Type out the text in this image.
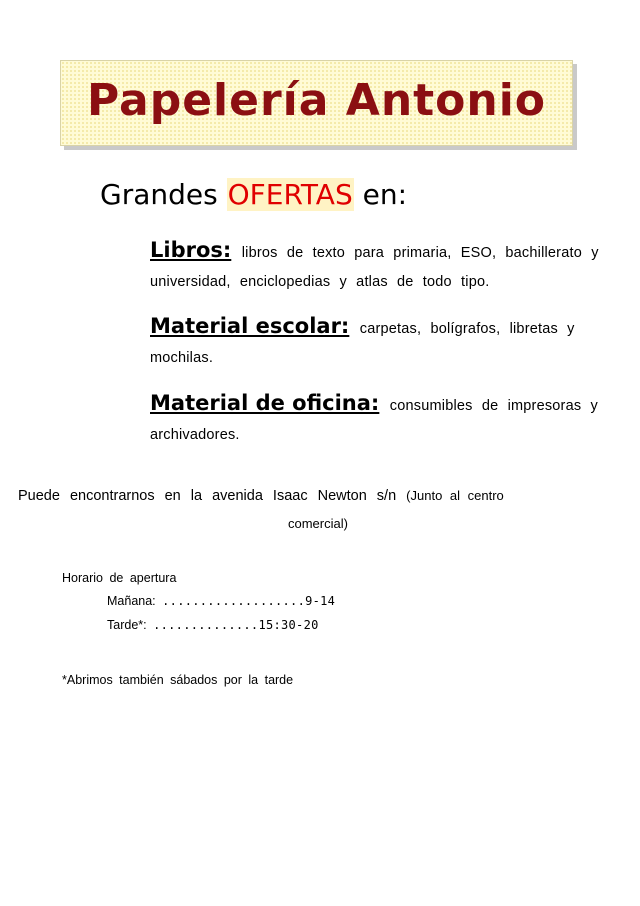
Papelería Antonio
Grandes OFERTAS en:
Libros: libros de texto para primaria, ESO, bachillerato y
universidad, enciclopedias y atlas de todo tipo.
Material escolar: carpetas, bolígrafos, libretas y
mochilas.
Material de oficina: consumibles de impresoras y
archivadores.
Puede encontrarnos en la avenida Isaac Newton s/n (Junto al centro
comercial)
Horario de apertura
Mañana: ...................9-14
Tarde*: ..............15:30-20
*Abrimos también sábados por la tarde
